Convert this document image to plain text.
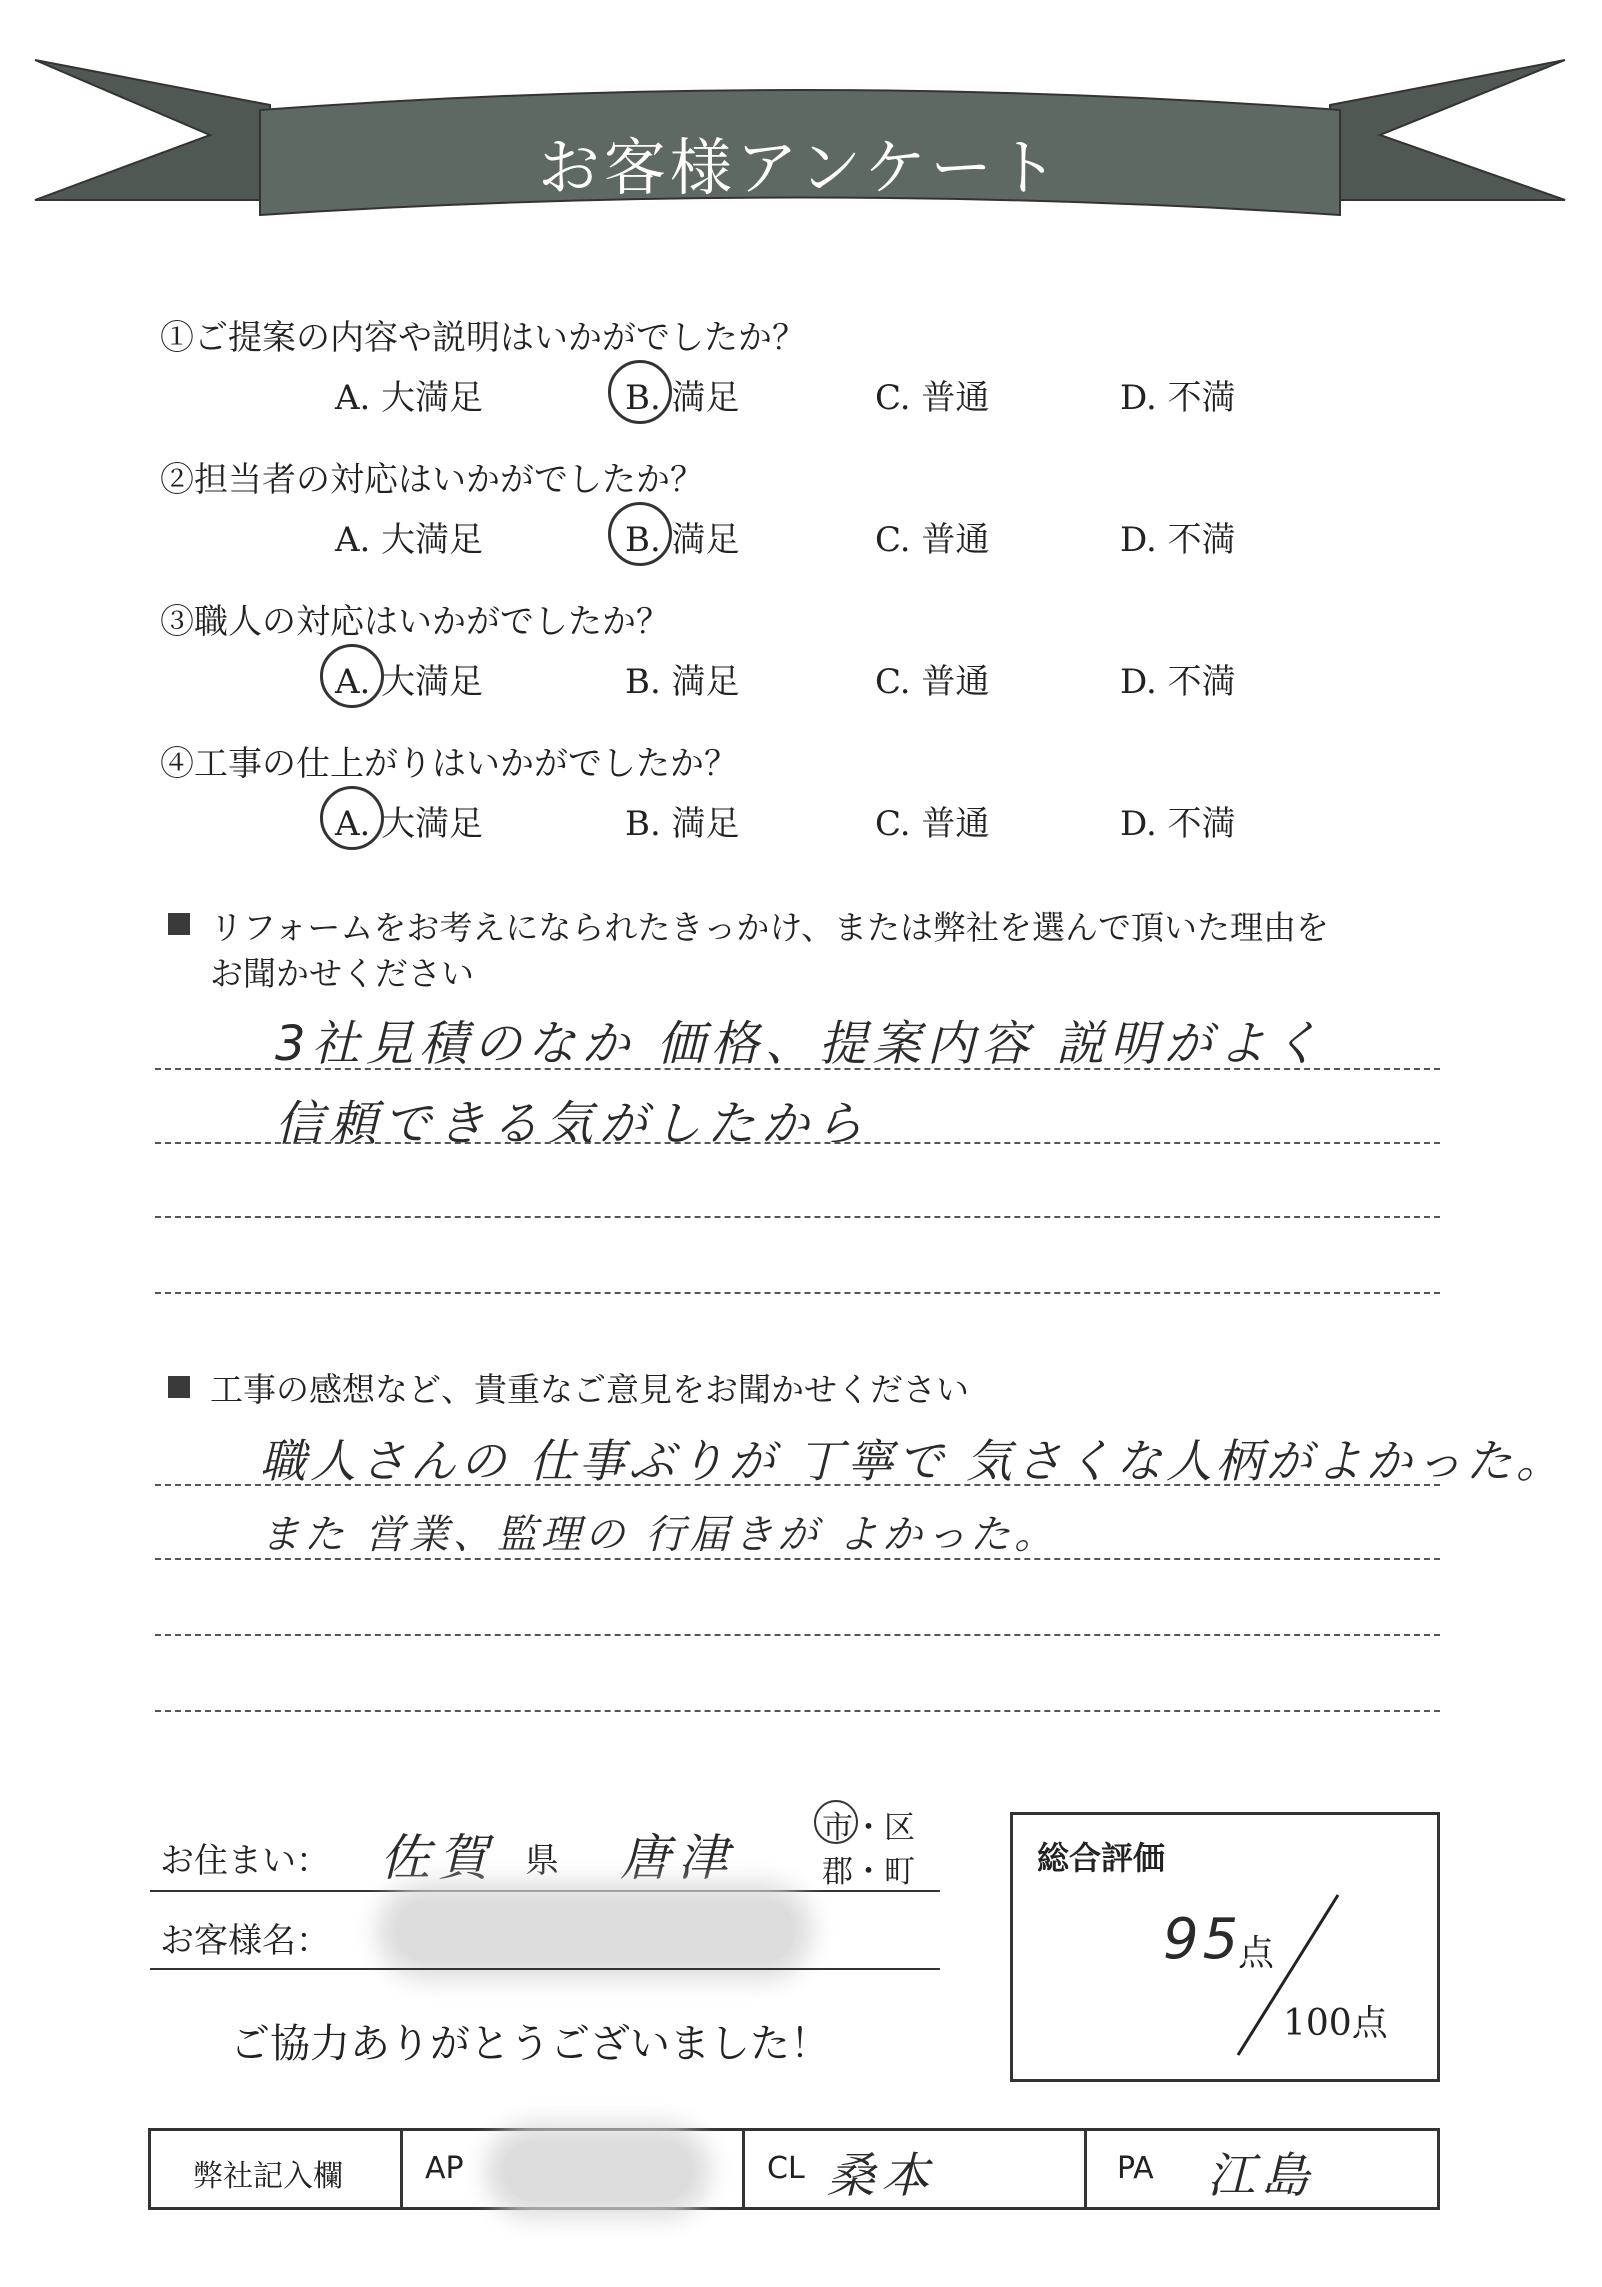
お客様アンケート
①ご提案の内容や説明はいかがでしたか？
A. 大満足	B. 満足	C. 普通	D. 不満
②担当者の対応はいかがでしたか？
A. 大満足	B. 満足	C. 普通	D. 不満
③職人の対応はいかがでしたか？
A. 大満足	B. 満足	C. 普通	D. 不満
④工事の仕上がりはいかがでしたか？
A. 大満足	B. 満足	C. 普通	D. 不満
リフォームをお考えになられたきっかけ、または弊社を選んで頂いた理由を
お聞かせください
3社見積のなか 価格、提案内容 説明がよく
信頼できる気がしたから
工事の感想など、貴重なご意見をお聞かせください
職人さんの 仕事ぶりが 丁寧で 気さくな人柄がよかった。
また 営業、監理の 行届きが よかった。
お住まい： 佐賀 県 唐津
市・区
郡・町
お客様名：
ご協力ありがとうございました！
総合評価
95
点
100点
弊社記入欄	AP	CL 桑本	PA 江島
